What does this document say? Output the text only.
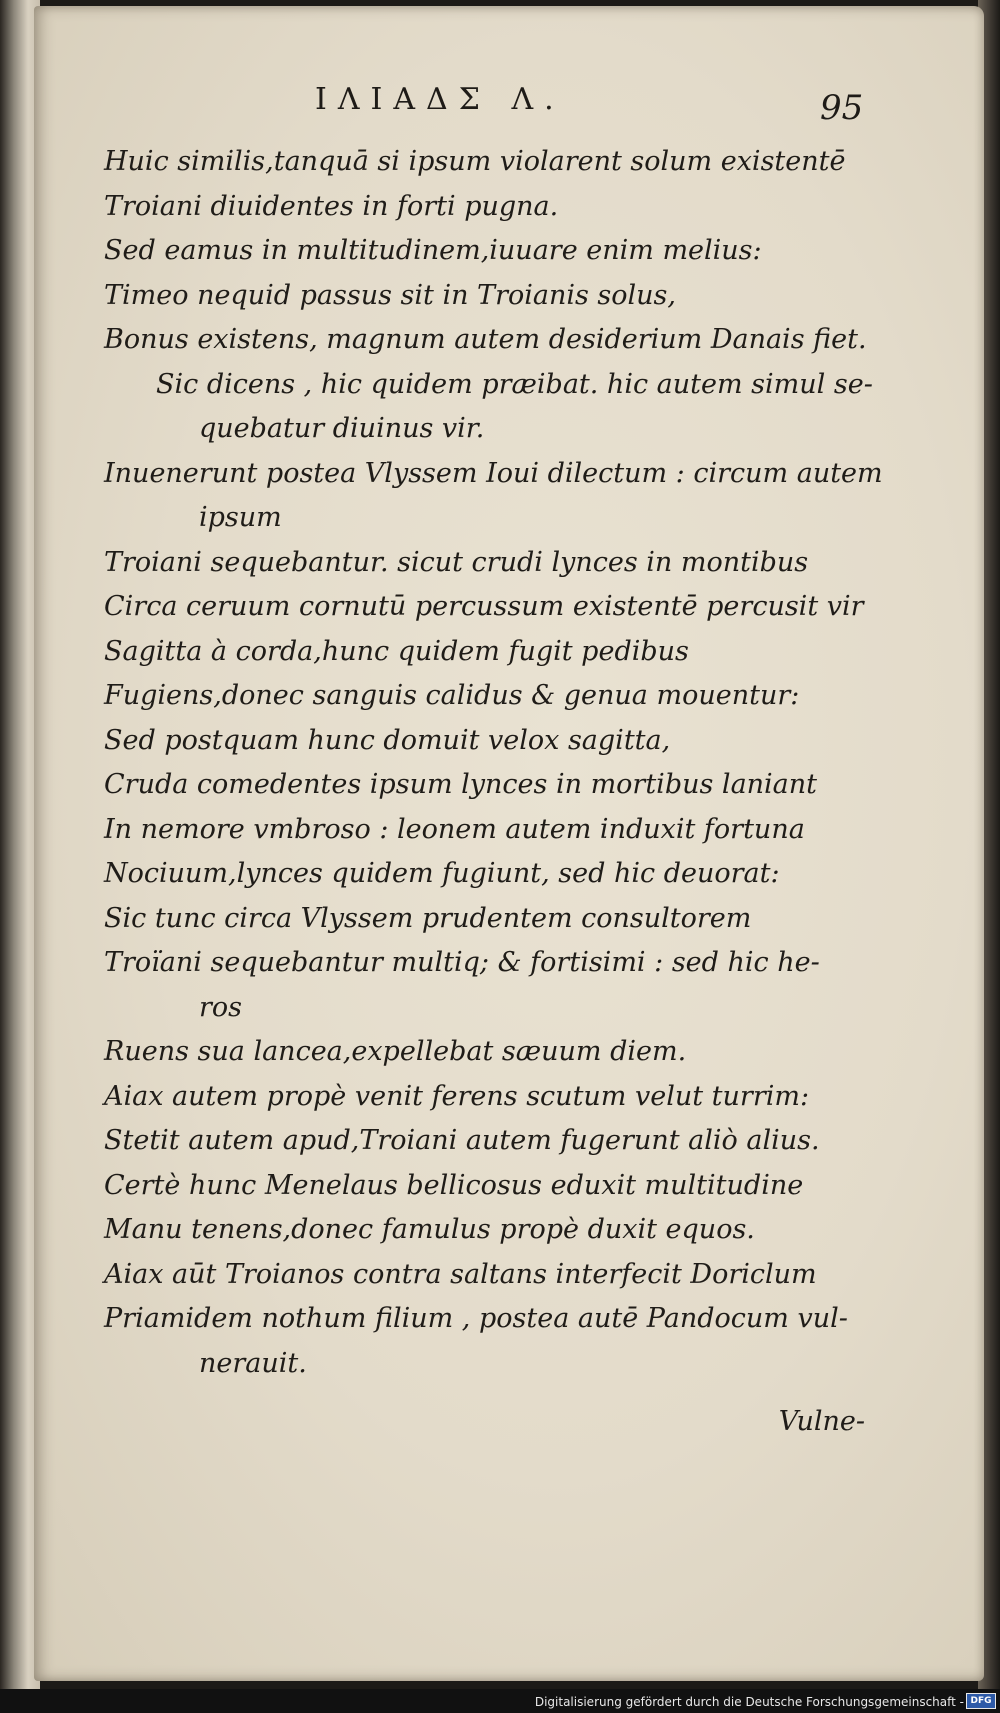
ΙΛΙΑΔΣ Λ.	95
Huic similis,tanquā si ipsum violarent solum existentē
Troiani diuidentes in forti pugna.
Sed eamus in multitudinem,iuuare enim melius:
Timeo nequid passus sit in Troianis solus,
Bonus existens, magnum autem desiderium Danais fiet.
Sic dicens , hic quidem præibat. hic autem simul se-
quebatur diuinus vir.
Inuenerunt postea Vlyssem Ioui dilectum : circum autem
ipsum
Troiani sequebantur. sicut crudi lynces in montibus
Circa ceruum cornutū percussum existentē percusit vir
Sagitta à corda,hunc quidem fugit pedibus
Fugiens,donec sanguis calidus & genua mouentur:
Sed postquam hunc domuit velox sagitta,
Cruda comedentes ipsum lynces in mortibus laniant
In nemore vmbroso : leonem autem induxit fortuna
Nociuum,lynces quidem fugiunt, sed hic deuorat:
Sic tunc circa Vlyssem prudentem consultorem
Troïani sequebantur multiq; & fortisimi : sed hic he-
ros
Ruens sua lancea,expellebat sæuum diem.
Aiax autem propè venit ferens scutum velut turrim:
Stetit autem apud,Troiani autem fugerunt aliò alius.
Certè hunc Menelaus bellicosus eduxit multitudine
Manu tenens,donec famulus propè duxit equos.
Aiax aūt Troianos contra saltans interfecit Doriclum
Priamidem nothum filium , postea autē Pandocum vul-
nerauit.
Vulne-
Digitalisierung gefördert durch die Deutsche Forschungsgemeinschaft - DFG
